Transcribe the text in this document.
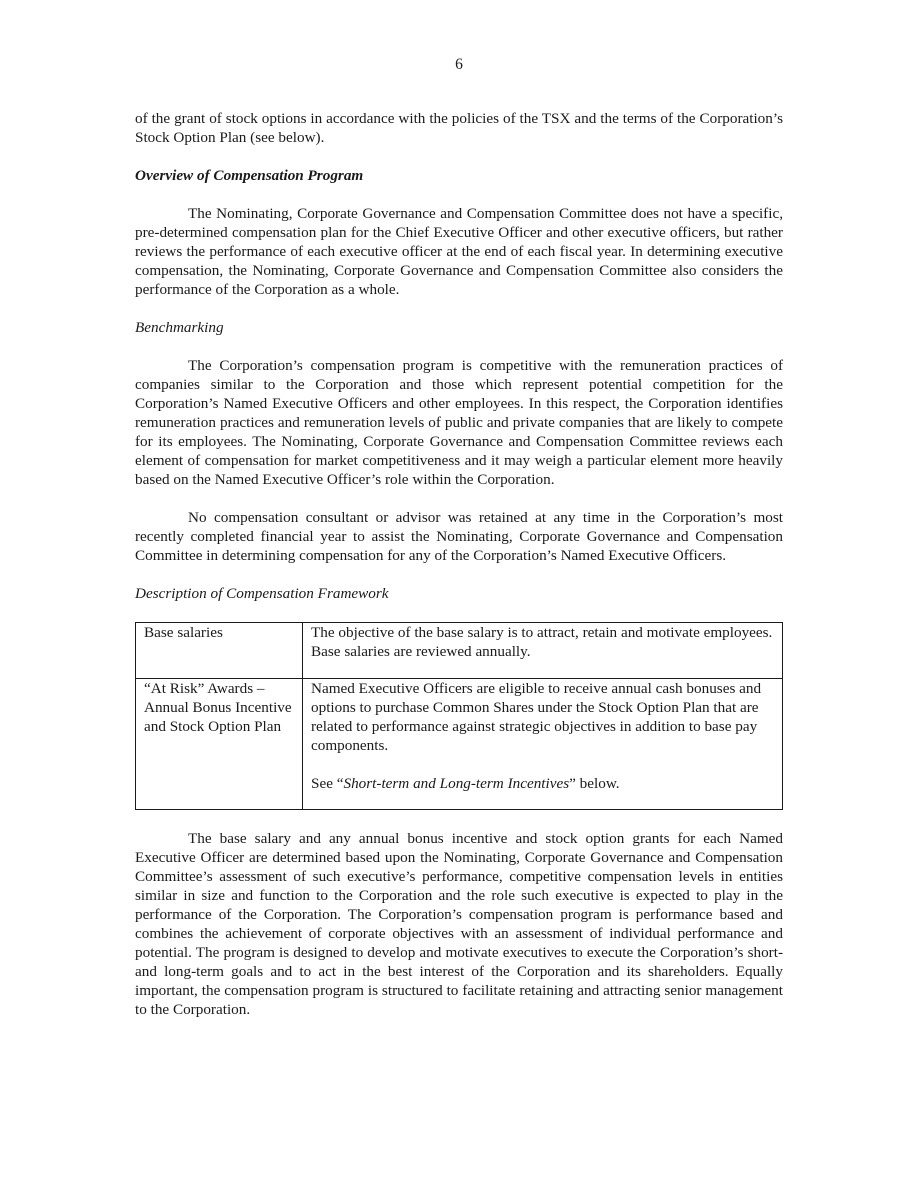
6

of the grant of stock options in accordance with the policies of the TSX and the terms of the Corporation’s Stock Option Plan (see below).

Overview of Compensation Program

The Nominating, Corporate Governance and Compensation Committee does not have a specific, pre-determined compensation plan for the Chief Executive Officer and other executive officers, but rather reviews the performance of each executive officer at the end of each fiscal year. In determining executive compensation, the Nominating, Corporate Governance and Compensation Committee also considers the performance of the Corporation as a whole.

Benchmarking

The Corporation’s compensation program is competitive with the remuneration practices of companies similar to the Corporation and those which represent potential competition for the Corporation’s Named Executive Officers and other employees. In this respect, the Corporation identifies remuneration practices and remuneration levels of public and private companies that are likely to compete for its employees. The Nominating, Corporate Governance and Compensation Committee reviews each element of compensation for market competitiveness and it may weigh a particular element more heavily based on the Named Executive Officer’s role within the Corporation.

No compensation consultant or advisor was retained at any time in the Corporation’s most recently completed financial year to assist the Nominating, Corporate Governance and Compensation Committee in determining compensation for any of the Corporation’s Named Executive Officers.

Description of Compensation Framework

Base salaries	The objective of the base salary is to attract, retain and motivate employees. Base salaries are reviewed annually.

“At Risk” Awards – Annual Bonus Incentive and Stock Option Plan	Named Executive Officers are eligible to receive annual cash bonuses and options to purchase Common Shares under the Stock Option Plan that are related to performance against strategic objectives in addition to base pay components.
See “Short-term and Long-term Incentives” below.

The base salary and any annual bonus incentive and stock option grants for each Named Executive Officer are determined based upon the Nominating, Corporate Governance and Compensation Committee’s assessment of such executive’s performance, competitive compensation levels in entities similar in size and function to the Corporation and the role such executive is expected to play in the performance of the Corporation. The Corporation’s compensation program is performance based and combines the achievement of corporate objectives with an assessment of individual performance and potential. The program is designed to develop and motivate executives to execute the Corporation’s short- and long-term goals and to act in the best interest of the Corporation and its shareholders. Equally important, the compensation program is structured to facilitate retaining and attracting senior management to the Corporation.
